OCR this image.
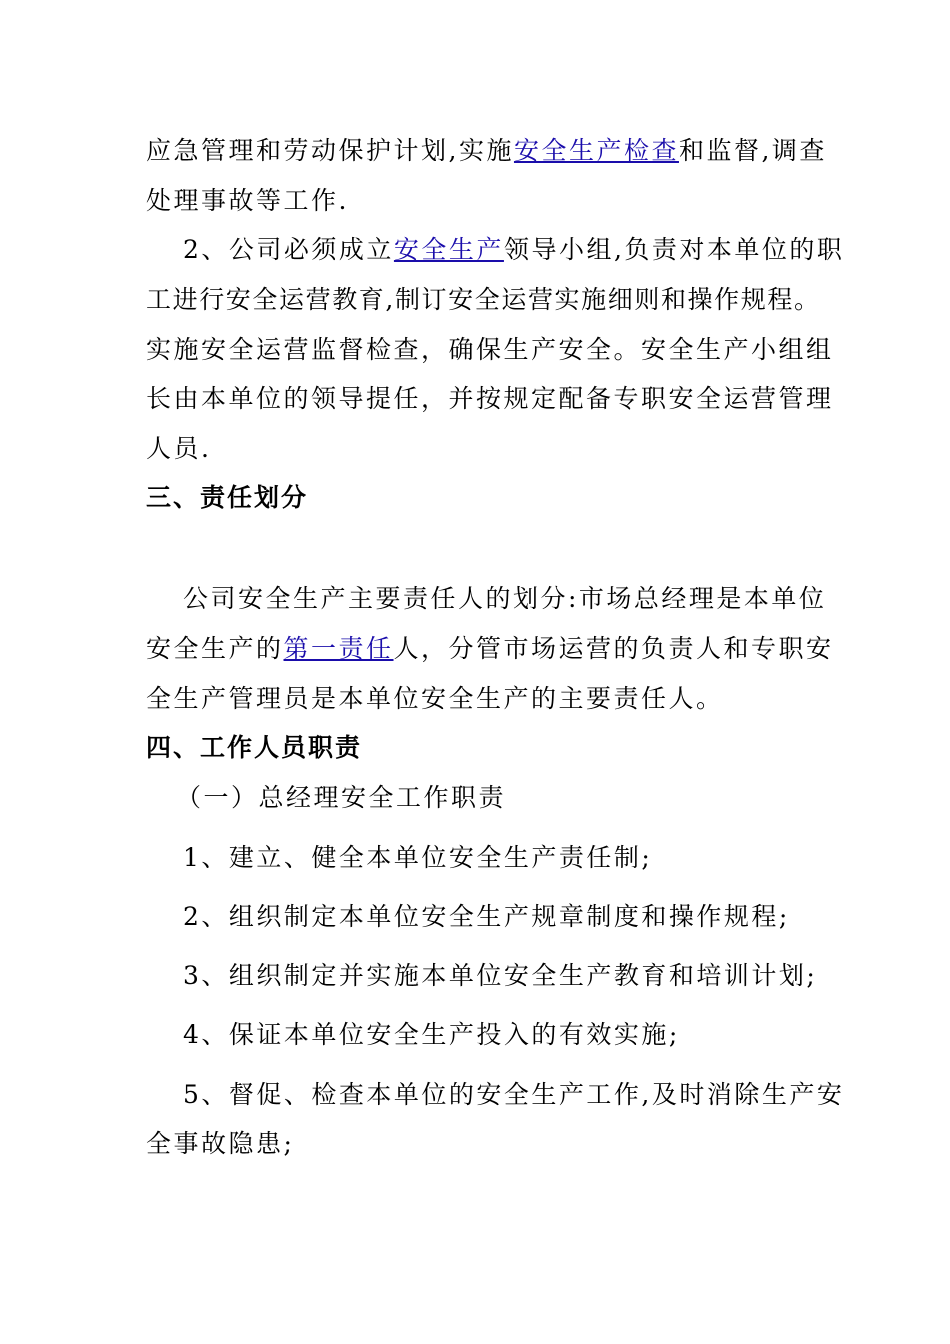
应急管理和劳动保护计划,实施安全生产检查和监督,调查
处理事故等工作.
2、公司必须成立安全生产领导小组,负责对本单位的职
工进行安全运营教育,制订安全运营实施细则和操作规程。
实施安全运营监督检查，确保生产安全。安全生产小组组
长由本单位的领导提任，并按规定配备专职安全运营管理
人员.
三、责任划分
公司安全生产主要责任人的划分:市场总经理是本单位
安全生产的第一责任人，分管市场运营的负责人和专职安
全生产管理员是本单位安全生产的主要责任人。
四、工作人员职责
（一）总经理安全工作职责
1、建立、健全本单位安全生产责任制;
2、组织制定本单位安全生产规章制度和操作规程;
3、组织制定并实施本单位安全生产教育和培训计划;
4、保证本单位安全生产投入的有效实施;
5、督促、检查本单位的安全生产工作,及时消除生产安
全事故隐患;
